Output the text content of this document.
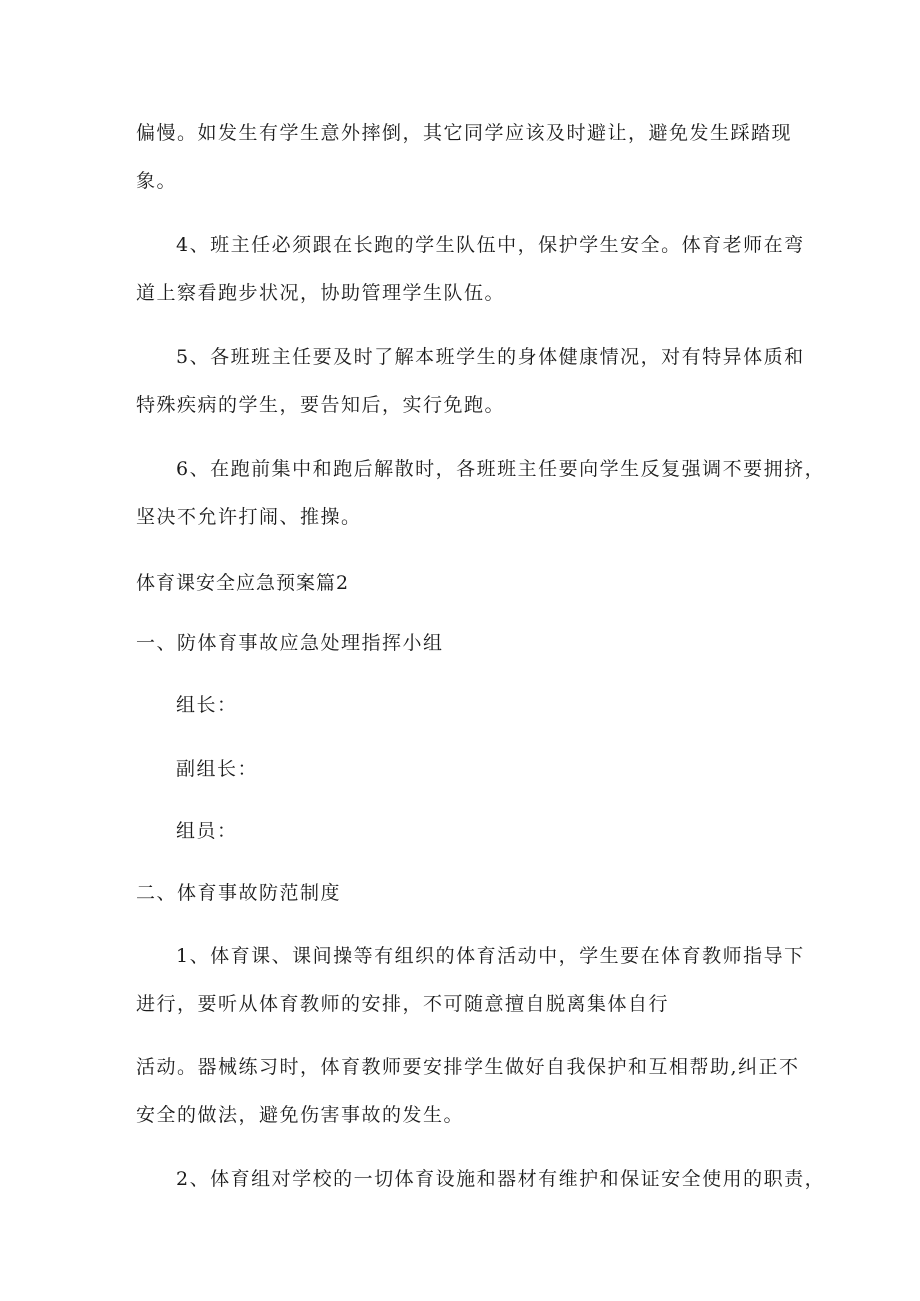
偏慢。如发生有学生意外摔倒，其它同学应该及时避让，避免发生踩踏现
象。
4、班主任必须跟在长跑的学生队伍中，保护学生安全。体育老师在弯
道上察看跑步状况，协助管理学生队伍。
5、各班班主任要及时了解本班学生的身体健康情况，对有特异体质和
特殊疾病的学生，要告知后，实行免跑。
6、在跑前集中和跑后解散时，各班班主任要向学生反复强调不要拥挤，
坚决不允许打闹、推操。
体育课安全应急预案篇2
一、防体育事故应急处理指挥小组
组长：
副组长：
组员：
二、体育事故防范制度
1、体育课、课间操等有组织的体育活动中，学生要在体育教师指导下
进行，要听从体育教师的安排，不可随意擅自脱离集体自行
活动。器械练习时，体育教师要安排学生做好自我保护和互相帮助,纠正不
安全的做法，避免伤害事故的发生。
2、体育组对学校的一切体育设施和器材有维护和保证安全使用的职责，
